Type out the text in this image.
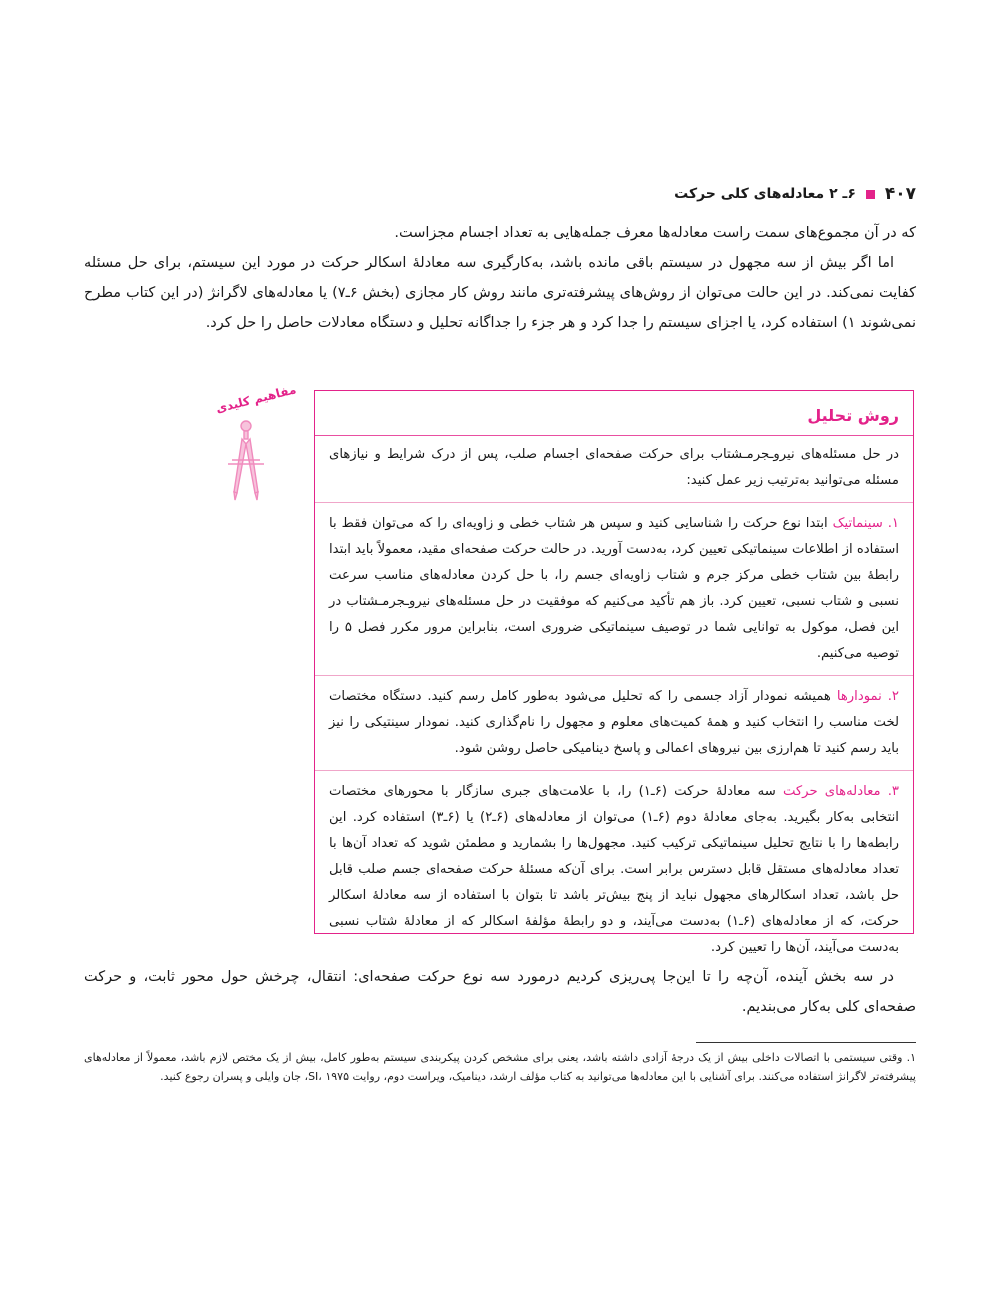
۴۰۷
۶ـ ۲ معادله‌های کلی حرکت

که در آن مجموع‌های سمت راست معادله‌ها معرف جمله‌هایی به تعداد اجسام مجزاست.

اما اگر بیش از سه مجهول در سیستم باقی مانده باشد، به‌کارگیری سه معادلهٔ اسکالر حرکت در مورد این سیستم، برای حل مسئله کفایت نمی‌کند. در این حالت می‌توان از روش‌های پیشرفته‌تری مانند روش کار مجازی (بخش ۶ـ۷) یا معادله‌های لاگرانژ (در این کتاب مطرح نمی‌شوند ۱) استفاده کرد، یا اجزای سیستم را جدا کرد و هر جزء را جداگانه تحلیل و دستگاه معادلات حاصل را حل کرد.

مفاهیم کلیدی	روش تحلیل

در حل مسئله‌های نیروـجرمـشتاب برای حرکت صفحه‌ای اجسام صلب، پس از درک شرایط و نیازهای مسئله می‌توانید به‌ترتیب زیر عمل کنید:

۱. سینماتیک ابتدا نوع حرکت را شناسایی کنید و سپس هر شتاب خطی و زاویه‌ای را که می‌توان فقط با استفاده از اطلاعات سینماتیکی تعیین کرد، به‌دست آورید. در حالت حرکت صفحه‌ای مقید، معمولاً باید ابتدا رابطهٔ بین شتاب خطی مرکز جرم و شتاب زاویه‌ای جسم را، با حل کردن معادله‌های مناسب سرعت نسبی و شتاب نسبی، تعیین کرد. باز هم تأکید می‌کنیم که موفقیت در حل مسئله‌های نیروـجرمـشتاب در این فصل، موکول به توانایی شما در توصیف سینماتیکی ضروری است، بنابراین مرور مکرر فصل ۵ را توصیه می‌کنیم.

۲. نمودارها همیشه نمودار آزاد جسمی را که تحلیل می‌شود به‌طور کامل رسم کنید. دستگاه مختصات لخت مناسب را انتخاب کنید و همهٔ کمیت‌های معلوم و مجهول را نام‌گذاری کنید. نمودار سینتیکی را نیز باید رسم کنید تا هم‌ارزی بین نیروهای اعمالی و پاسخ دینامیکی حاصل روشن شود.

۳. معادله‌های حرکت سه معادلهٔ حرکت (۶ـ۱) را، با علامت‌های جبری سازگار با محورهای مختصات انتخابی به‌کار بگیرید. به‌جای معادلهٔ دوم (۶ـ۱) می‌توان از معادله‌های (۶ـ۲) یا (۶ـ۳) استفاده کرد. این رابطه‌ها را با نتایج تحلیل سینماتیکی ترکیب کنید. مجهول‌ها را بشمارید و مطمئن شوید که تعداد آن‌ها با تعداد معادله‌های مستقل قابل دسترس برابر است. برای آن‌که مسئلهٔ حرکت صفحه‌ای جسم صلب قابل حل باشد، تعداد اسکالرهای مجهول نباید از پنج بیش‌تر باشد تا بتوان با استفاده از سه معادلهٔ اسکالر حرکت، که از معادله‌های (۶ـ۱) به‌دست می‌آیند، و دو رابطهٔ مؤلفهٔ اسکالر که از معادلهٔ شتاب نسبی به‌دست می‌آیند، آن‌ها را تعیین کرد.

در سه بخش آینده، آن‌چه را تا این‌جا پی‌ریزی کردیم درمورد سه نوع حرکت صفحه‌ای: انتقال، چرخش حول محور ثابت، و حرکت صفحه‌ای کلی به‌کار می‌بندیم.

۱. وقتی سیستمی با اتصالات داخلی بیش از یک درجهٔ آزادی داشته باشد، یعنی برای مشخص کردن پیکربندی سیستم به‌طور کامل، بیش از یک مختص لازم باشد، معمولاً از معادله‌های پیشرفته‌تر لاگرانژ استفاده می‌کنند. برای آشنایی با این معادله‌ها می‌توانید به کتاب مؤلف ارشد، دینامیک، ویراست دوم، روایت SI، ۱۹۷۵، جان وایلی و پسران رجوع کنید.
